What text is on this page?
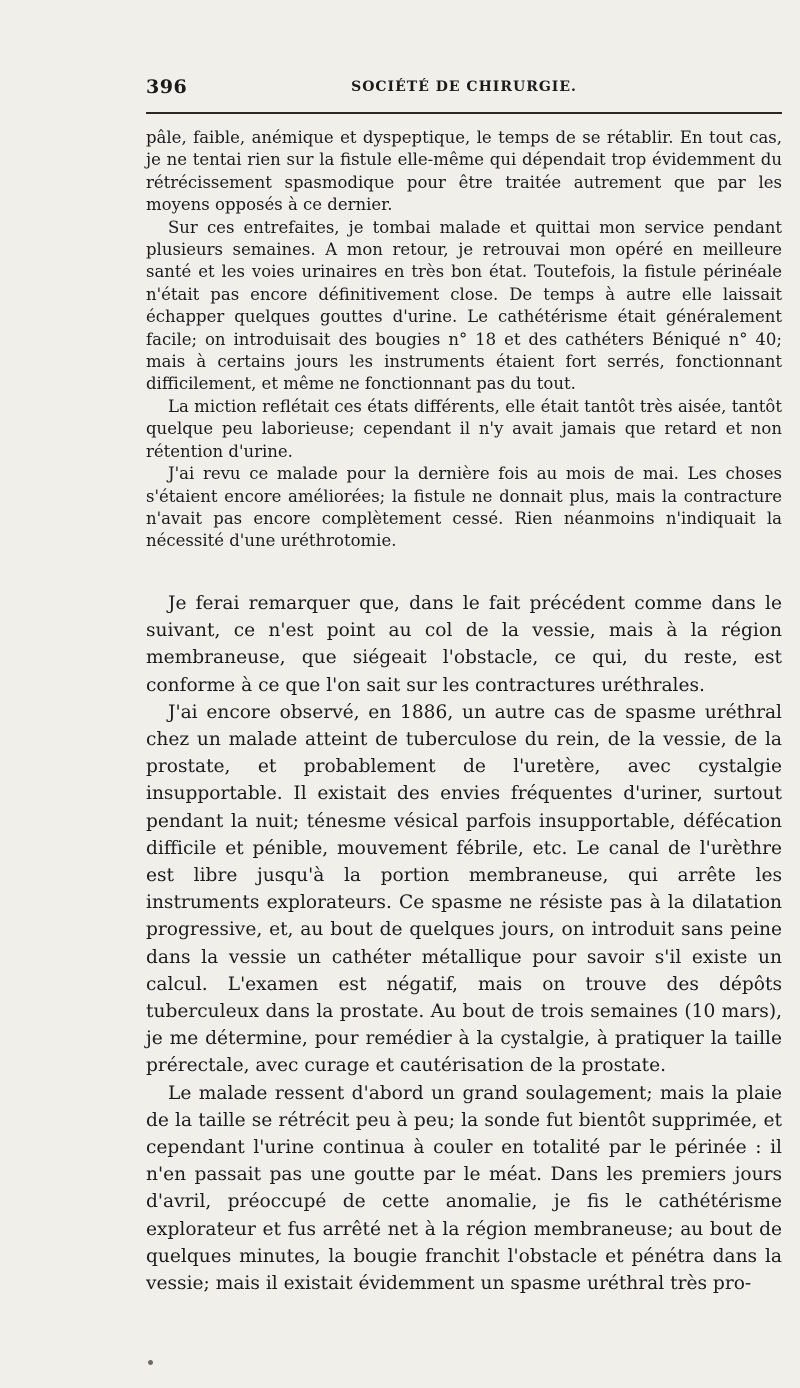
396	SOCIÉTÉ DE CHIRURGIE.

pâle, faible, anémique et dyspeptique, le temps de se rétablir. En tout cas, je ne tentai rien sur la fistule elle-même qui dépendait trop évidemment du rétrécissement spasmodique pour être traitée autrement que par les moyens opposés à ce dernier.

Sur ces entrefaites, je tombai malade et quittai mon service pendant plusieurs semaines. A mon retour, je retrouvai mon opéré en meilleure santé et les voies urinaires en très bon état. Toutefois, la fistule périnéale n'était pas encore définitivement close. De temps à autre elle laissait échapper quelques gouttes d'urine. Le cathétérisme était généralement facile; on introduisait des bougies n° 18 et des cathéters Béniqué n° 40; mais à certains jours les instruments étaient fort serrés, fonctionnant difficilement, et même ne fonctionnant pas du tout.

La miction reflétait ces états différents, elle était tantôt très aisée, tantôt quelque peu laborieuse; cependant il n'y avait jamais que retard et non rétention d'urine.

J'ai revu ce malade pour la dernière fois au mois de mai. Les choses s'étaient encore améliorées; la fistule ne donnait plus, mais la contracture n'avait pas encore complètement cessé. Rien néanmoins n'indiquait la nécessité d'une uréthrotomie.

Je ferai remarquer que, dans le fait précédent comme dans le suivant, ce n'est point au col de la vessie, mais à la région membraneuse, que siégeait l'obstacle, ce qui, du reste, est conforme à ce que l'on sait sur les contractures uréthrales.

J'ai encore observé, en 1886, un autre cas de spasme uréthral chez un malade atteint de tuberculose du rein, de la vessie, de la prostate, et probablement de l'uretère, avec cystalgie insupportable. Il existait des envies fréquentes d'uriner, surtout pendant la nuit; ténesme vésical parfois insupportable, défécation difficile et pénible, mouvement fébrile, etc. Le canal de l'urèthre est libre jusqu'à la portion membraneuse, qui arrête les instruments explorateurs. Ce spasme ne résiste pas à la dilatation progressive, et, au bout de quelques jours, on introduit sans peine dans la vessie un cathéter métallique pour savoir s'il existe un calcul. L'examen est négatif, mais on trouve des dépôts tuberculeux dans la prostate. Au bout de trois semaines (10 mars), je me détermine, pour remédier à la cystalgie, à pratiquer la taille prérectale, avec curage et cautérisation de la prostate.

Le malade ressent d'abord un grand soulagement; mais la plaie de la taille se rétrécit peu à peu; la sonde fut bientôt supprimée, et cependant l'urine continua à couler en totalité par le périnée : il n'en passait pas une goutte par le méat. Dans les premiers jours d'avril, préoccupé de cette anomalie, je fis le cathétérisme explorateur et fus arrêté net à la région membraneuse; au bout de quelques minutes, la bougie franchit l'obstacle et pénétra dans la vessie; mais il existait évidemment un spasme uréthral très pro-
